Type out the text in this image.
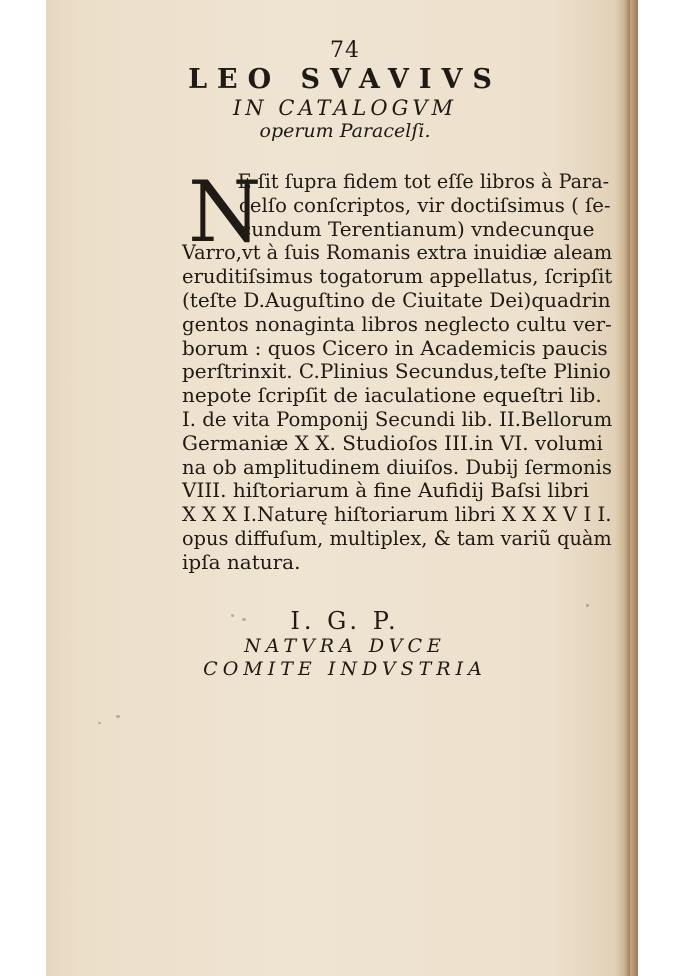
74
LEO SVAVIVS
IN CATALOGVM
operum Paracelſi.
N
E ſit ſupra fidem tot eſſe libros à Para-
celſo conſcriptos, vir doctiſsimus ( ſe-
cundum Terentianum) vndecunque
Varro,vt à ſuis Romanis extra inuidiæ aleam
eruditiſsimus togatorum appellatus, ſcripſit
(teſte D.Auguſtino de Ciuitate Dei)quadrin
gentos nonaginta libros neglecto cultu ver-
borum : quos Cicero in Academicis paucis
perſtrinxit. C.Plinius Secundus,teſte Plinio
nepote ſcripſit de iaculatione equeſtri lib.
I. de vita Pomponij Secundi lib. II.Bellorum
Germaniæ X X. Studioſos III.in VI. volumi
na ob amplitudinem diuiſos. Dubij ſermonis
VIII. hiſtoriarum à fine Aufidij Baſsi libri
X X X I.Naturę hiſtoriarum libri X X X V I I.
opus diffuſum, multiplex, & tam variũ quàm
ipſa natura.
I. G. P.
NATVRA DVCE
COMITE INDVSTRIA
